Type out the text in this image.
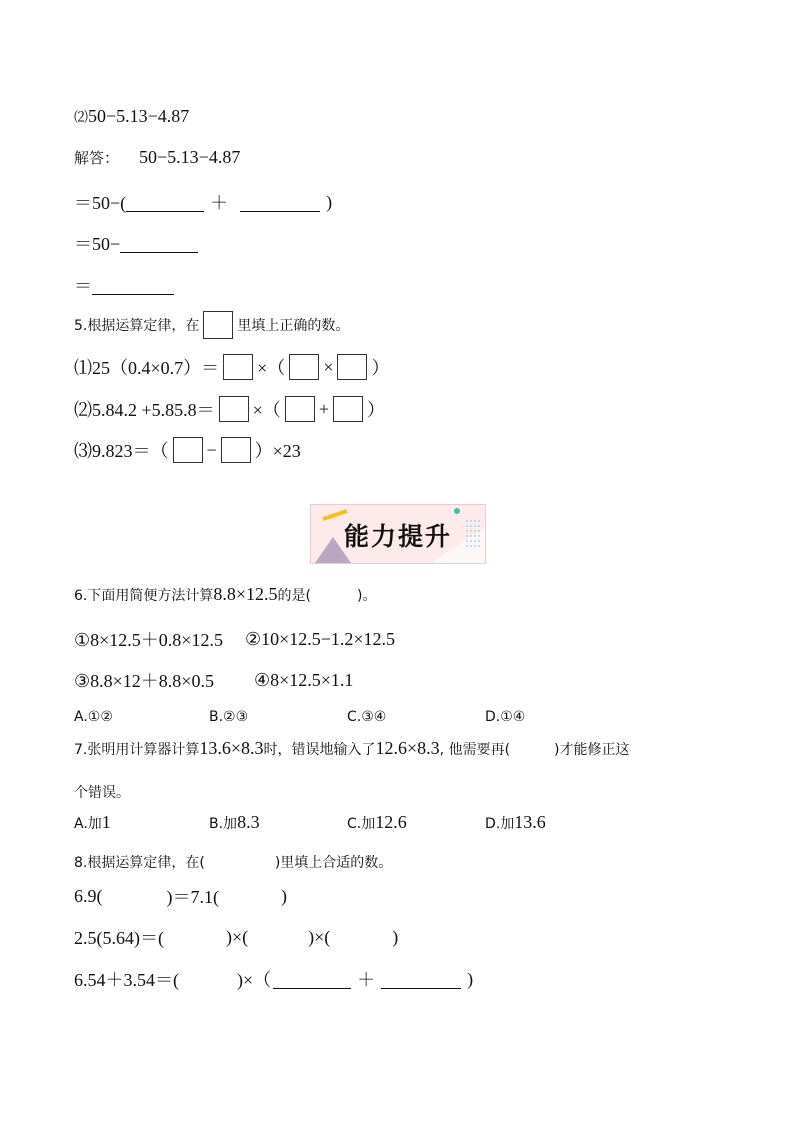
⑵ 50−5.13−4.87
解答： 50−5.13−4.87
＝50−(	＋	)
＝50−
＝
5.根据运算定律，在	里填上正确的数。
⑴25（0.4×0.7）＝ ×（ × ）
⑵5.84.2 +5.85.8＝ ×（ + ）
⑶9.823＝（ − ）×23
能力提升
6.下面用简便方法计算 8.8×12.5 的是(	)。
①8×12.5＋0.8×12.5 ②10×12.5−1.2×12.5
③8.8×12＋8.8×0.5 ④8×12.5×1.1
A.①②	B.②③	C.③④	D.①④
7.张明用计算器计算 13.6×8.3 时，错误地输入了 12.6×8.3 , 他需要再(	)才能修正这
个错误。
A.加1	B.加8.3	C.加12.6	D.加13.6
8.根据运算定律，在(	)里填上合适的数。
6.9(	)＝7.1(	)
2.5(5.64)＝(	)×(	)×(	)
6.54＋3.54＝(	)×（	＋	)
